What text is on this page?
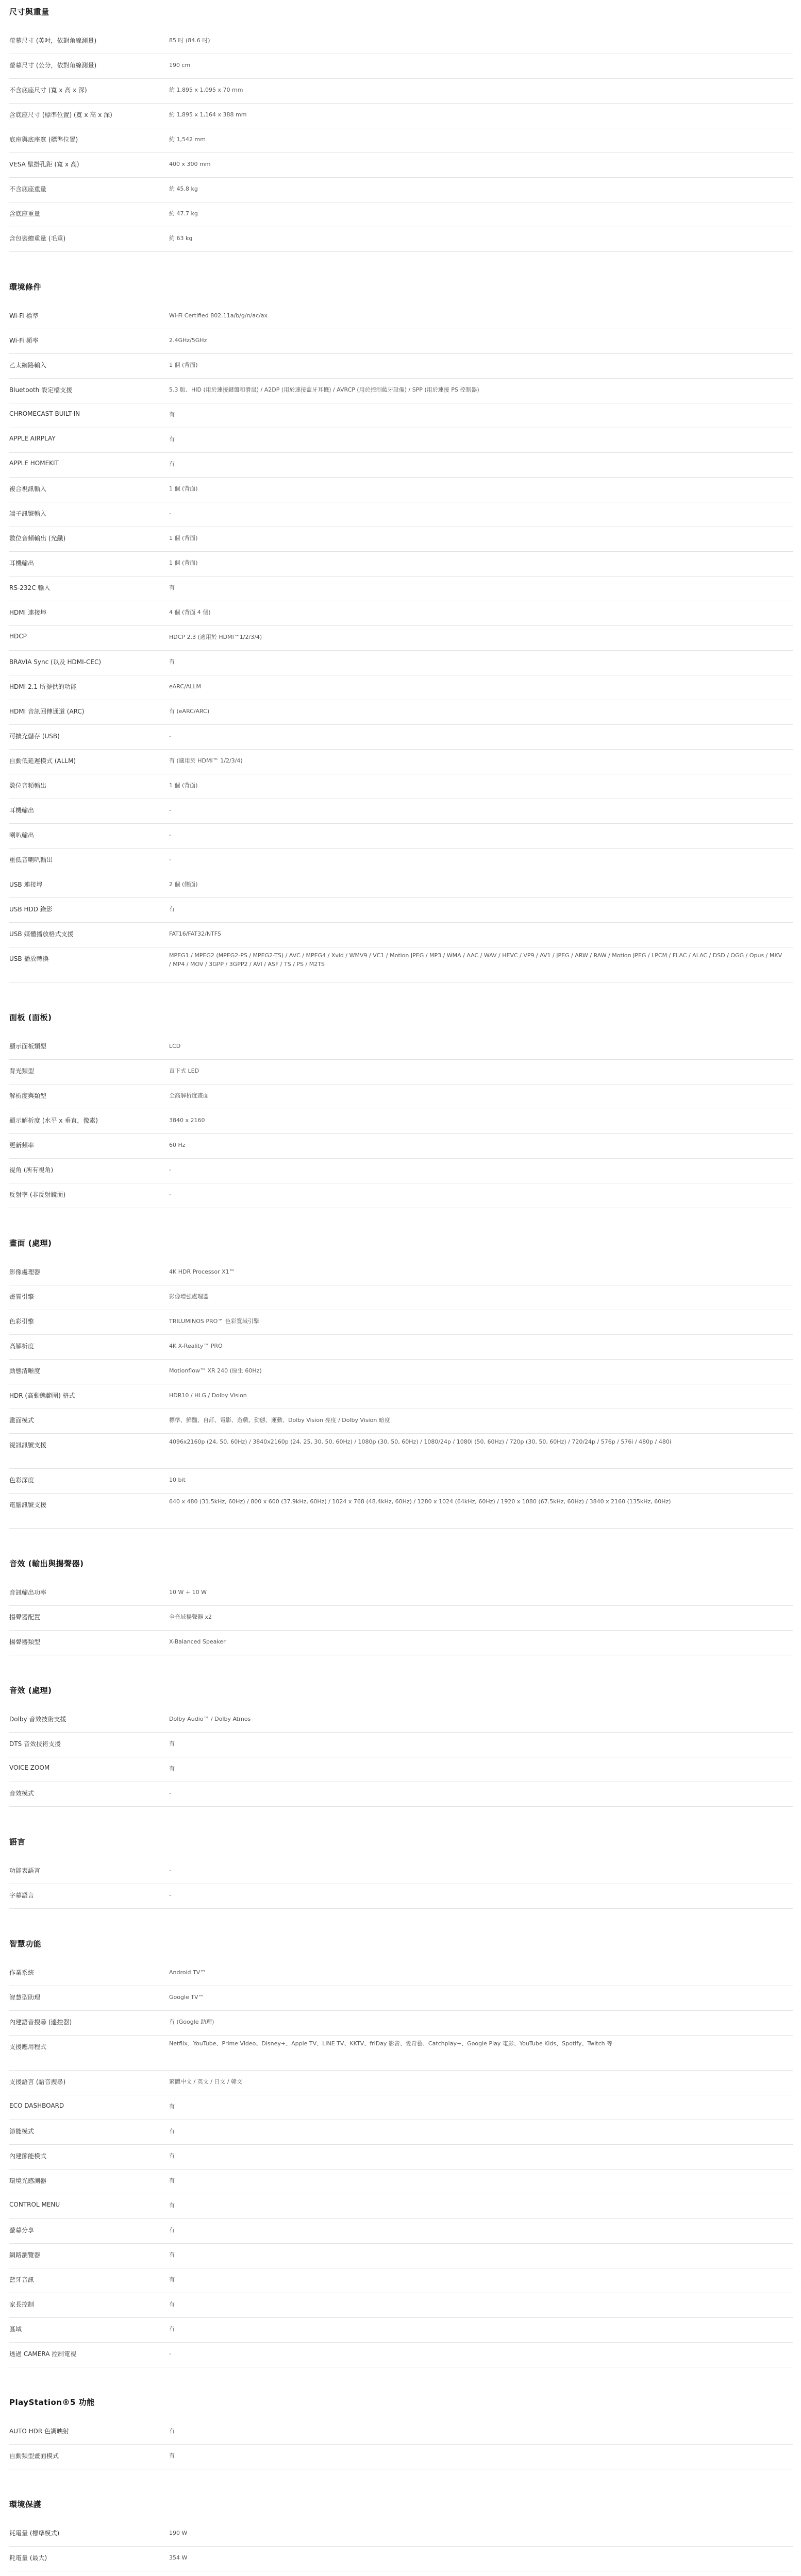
尺寸與重量
螢幕尺寸 (英吋，依對角線測量)	85 吋 (84.6 吋)
螢幕尺寸 (公分，依對角線測量)	190 cm
不含底座尺寸 (寬 x 高 x 深)	約 1,895 x 1,095 x 70 mm
含底座尺寸 (標準位置) (寬 x 高 x 深)	約 1,895 x 1,164 x 388 mm
底座與底座寬 (標準位置)	約 1,542 mm
VESA 壁掛孔距 (寬 x 高)	400 x 300 mm
不含底座重量	約 45.8 kg
含底座重量	約 47.7 kg
含包裝總重量 (毛重)	約 63 kg
環境條件
Wi-Fi 標準	Wi-Fi Certified 802.11a/b/g/n/ac/ax
Wi-Fi 頻率	2.4GHz/5GHz
乙太網路輸入	1 個 (背面)
Bluetooth 設定檔支援	5.3 版、HID (用於連接鍵盤和滑鼠) / A2DP (用於連接藍牙耳機) / AVRCP (用於控制藍牙設備) / SPP (用於連接 PS 控制器)
CHROMECAST BUILT-IN	有
APPLE AIRPLAY	有
APPLE HOMEKIT	有
複合視訊輸入	1 個 (背面)
端子訊號輸入	-
數位音頻輸出 (光纖)	1 個 (背面)
耳機輸出	1 個 (背面)
RS-232C 輸入	有
HDMI 連接埠	4 個 (背面 4 個)
HDCP	HDCP 2.3 (適用於 HDMI™1/2/3/4)
BRAVIA Sync (以及 HDMI-CEC)	有
HDMI 2.1 所提供的功能	eARC/ALLM
HDMI 音訊回傳通道 (ARC)	有 (eARC/ARC)
可擴充儲存 (USB)	-
自動低延遲模式 (ALLM)	有 (適用於 HDMI™ 1/2/3/4)
數位音頻輸出	1 個 (背面)
耳機輸出	-
喇叭輸出	-
重低音喇叭輸出	-
USB 連接埠	2 個 (側面)
USB HDD 錄影	有
USB 媒體播放格式支援	FAT16/FAT32/NTFS
USB 播放轉換	MPEG1 / MPEG2 (MPEG2-PS / MPEG2-TS) / AVC / MPEG4 / Xvid / WMV9 / VC1 / Motion JPEG / MP3 / WMA / AAC / WAV / HEVC / VP9 / AV1 / JPEG / ARW / RAW / Motion JPEG / LPCM / FLAC / ALAC / DSD / OGG / Opus / MKV / MP4 / MOV / 3GPP / 3GPP2 / AVI / ASF / TS / PS / M2TS
面板 (面板)
顯示面板類型	LCD
背光類型	直下式 LED
解析度與類型	全高解析度畫面
顯示解析度 (水平 x 垂直，像素)	3840 x 2160
更新頻率	60 Hz
視角 (所有視角)	-
反射率 (非反射鏡面)	-
畫面 (處理)
影像處理器	4K HDR Processor X1™
畫質引擎	影像增強處理器
色彩引擎	TRILUMINOS PRO™ 色彩寬域引擎
高解析度	4K X-Reality™ PRO
動態清晰度	Motionflow™ XR 240 (原生 60Hz)
HDR (高動態範圍) 格式	HDR10 / HLG / Dolby Vision
畫面模式	標準、鮮豔、自訂、電影、遊戲、動態、運動、Dolby Vision 亮度 / Dolby Vision 暗度
視訊訊號支援	4096x2160p (24, 50, 60Hz) / 3840x2160p (24, 25, 30, 50, 60Hz) / 1080p (30, 50, 60Hz) / 1080/24p / 1080i (50, 60Hz) / 720p (30, 50, 60Hz) / 720/24p / 576p / 576i / 480p / 480i
色彩深度	10 bit
電腦訊號支援	640 x 480 (31.5kHz, 60Hz) / 800 x 600 (37.9kHz, 60Hz) / 1024 x 768 (48.4kHz, 60Hz) / 1280 x 1024 (64kHz, 60Hz) / 1920 x 1080 (67.5kHz, 60Hz) / 3840 x 2160 (135kHz, 60Hz)
音效 (輸出與揚聲器)
音訊輸出功率	10 W + 10 W
揚聲器配置	全音域揚聲器 x2
揚聲器類型	X-Balanced Speaker
音效 (處理)
Dolby 音效技術支援	Dolby Audio™ / Dolby Atmos
DTS 音效技術支援	有
VOICE ZOOM	有
音效模式	-
語言
功能表語言	-
字幕語言	-
智慧功能
作業系統	Android TV™
智慧型助理	Google TV™
內建語音搜尋 (遙控器)	有 (Google 助理)
支援應用程式	Netflix、YouTube、Prime Video、Disney+、Apple TV、LINE TV、KKTV、friDay 影音、愛奇藝、Catchplay+、Google Play 電影、YouTube Kids、Spotify、Twitch 等
支援語言 (語音搜尋)	繁體中文 / 英文 / 日文 / 韓文
ECO DASHBOARD	有
節能模式	有
內建節能模式	有
環境光感測器	有
CONTROL MENU	有
螢幕分享	有
網路瀏覽器	有
藍牙音訊	有
家長控制	有
區域	有
透過 CAMERA 控制電視	-
PlayStation®5 功能
AUTO HDR 色調映射	有
自動類型畫面模式	有
環境保護
耗電量 (標準模式)	190 W
耗電量 (最大)	354 W
